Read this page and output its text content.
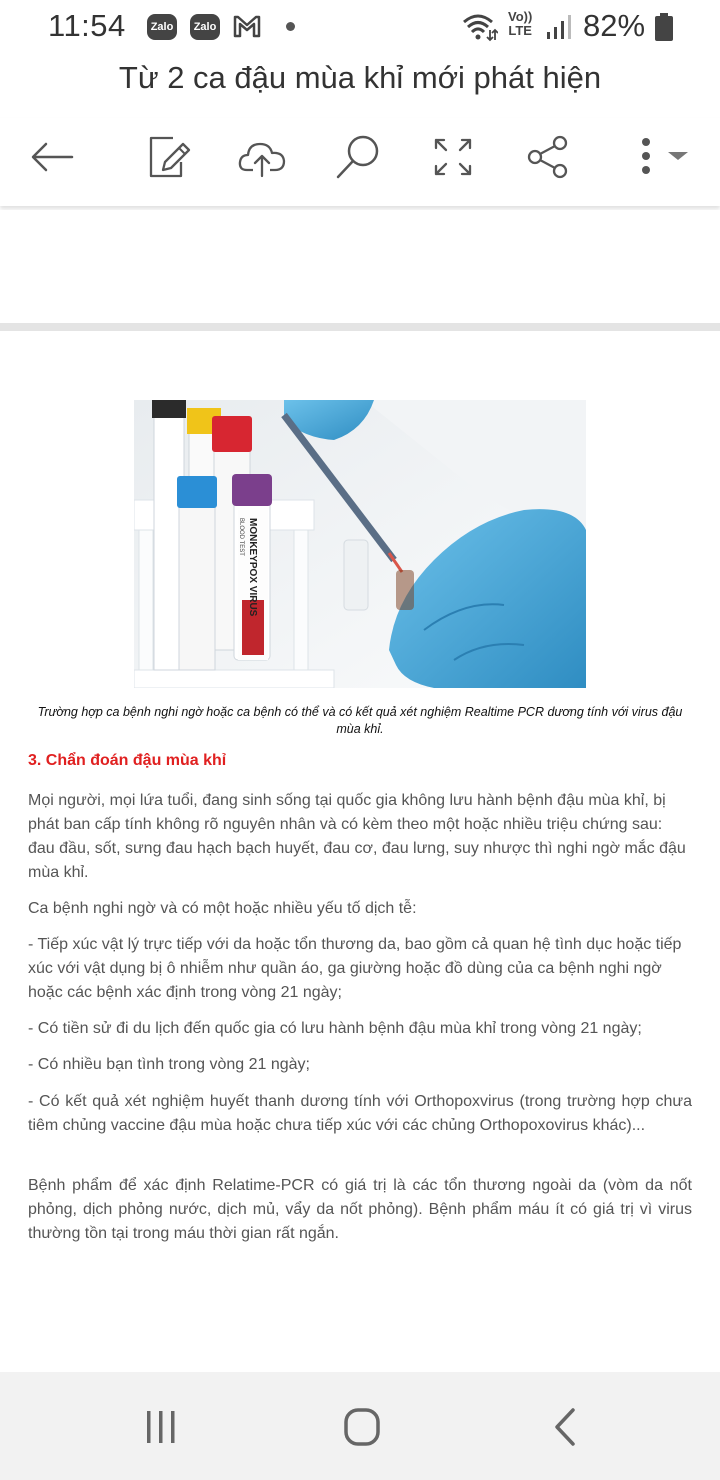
11:54	Zalo	Zalo
Vo))
LTE 82%
Từ 2 ca đậu mùa khỉ mới phát hiện
MONKEYPOX VIRUS
BLOOD TEST
Trường hợp ca bệnh nghi ngờ hoặc ca bệnh có thể và có kết quả xét nghiệm Realtime PCR dương tính với virus đậu mùa khỉ.
3. Chẩn đoán đậu mùa khỉ
Mọi người, mọi lứa tuổi, đang sinh sống tại quốc gia không lưu hành bệnh đậu mùa khỉ, bị phát ban cấp tính không rõ nguyên nhân và có kèm theo một hoặc nhiều triệu chứng sau: đau đầu, sốt, sưng đau hạch bạch huyết, đau cơ, đau lưng, suy nhược thì nghi ngờ mắc đậu mùa khỉ.
Ca bệnh nghi ngờ và có một hoặc nhiều yếu tố dịch tễ:
- Tiếp xúc vật lý trực tiếp với da hoặc tổn thương da, bao gồm cả quan hệ tình dục hoặc tiếp xúc với vật dụng bị ô nhiễm như quần áo, ga giường hoặc đồ dùng của ca bệnh nghi ngờ hoặc các bệnh xác định trong vòng 21 ngày;
- Có tiền sử đi du lịch đến quốc gia có lưu hành bệnh đậu mùa khỉ trong vòng 21 ngày;
- Có nhiều bạn tình trong vòng 21 ngày;
- Có kết quả xét nghiệm huyết thanh dương tính với Orthopoxvirus (trong trường hợp chưa tiêm chủng vaccine đậu mùa hoặc chưa tiếp xúc với các chủng Orthopoxovirus khác)...
Bệnh phẩm để xác định Relatime-PCR có giá trị là các tổn thương ngoài da (vòm da nốt phỏng, dịch phỏng nước, dịch mủ, vẩy da nốt phỏng). Bệnh phẩm máu ít có giá trị vì virus thường tồn tại trong máu thời gian rất ngắn.
